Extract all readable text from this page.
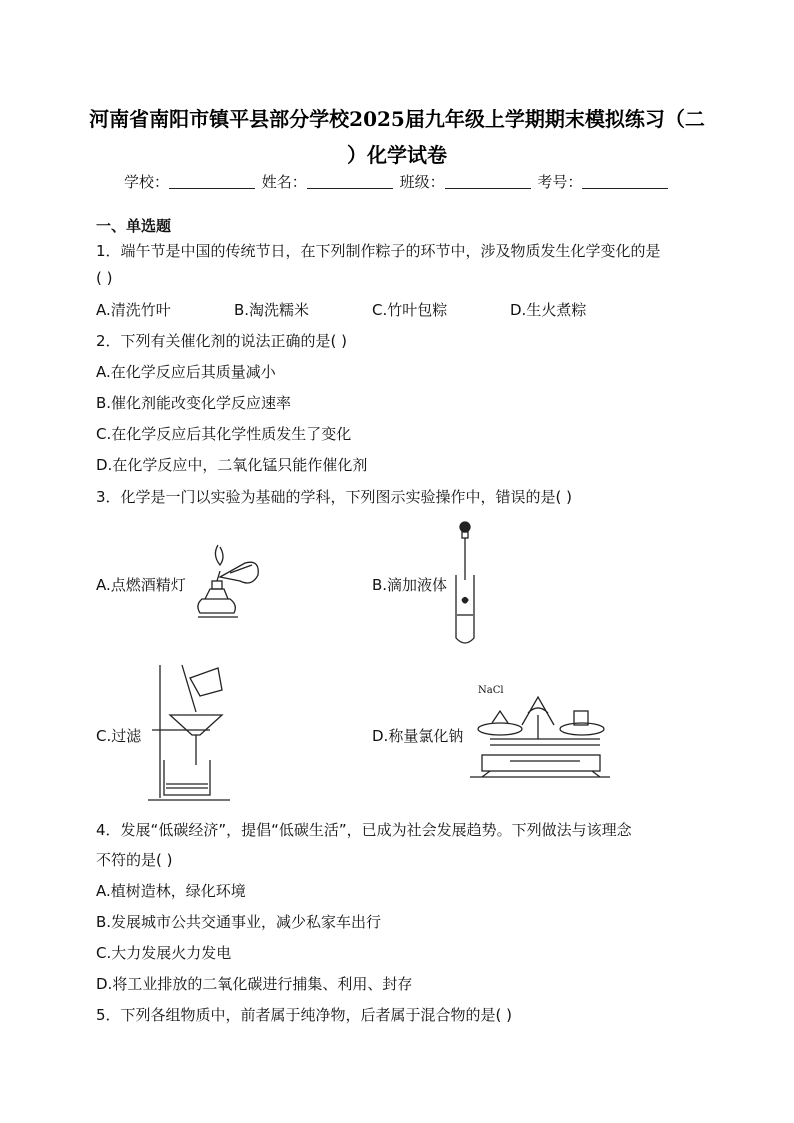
河南省南阳市镇平县部分学校2025届九年级上学期期末模拟练习（二
）化学试卷
学校：	姓名：	班级：	考号：
一、单选题
1．端午节是中国的传统节日，在下列制作粽子的环节中，涉及物质发生化学变化的是
( )
A.清洗竹叶	B.淘洗糯米	C.竹叶包粽	D.生火煮粽
2．下列有关催化剂的说法正确的是( )
A.在化学反应后其质量减小
B.催化剂能改变化学反应速率
C.在化学反应后其化学性质发生了变化
D.在化学反应中，二氧化锰只能作催化剂
3．化学是一门以实验为基础的学科，下列图示实验操作中，错误的是( )
A.点燃酒精灯	B.滴加液体
C.过滤	D.称量氯化钠
NaCl
4．发展“低碳经济”，提倡“低碳生活”，已成为社会发展趋势。下列做法与该理念
不符的是( )
A.植树造林，绿化环境
B.发展城市公共交通事业，减少私家车出行
C.大力发展火力发电
D.将工业排放的二氧化碳进行捕集、利用、封存
5．下列各组物质中，前者属于纯净物，后者属于混合物的是( )
